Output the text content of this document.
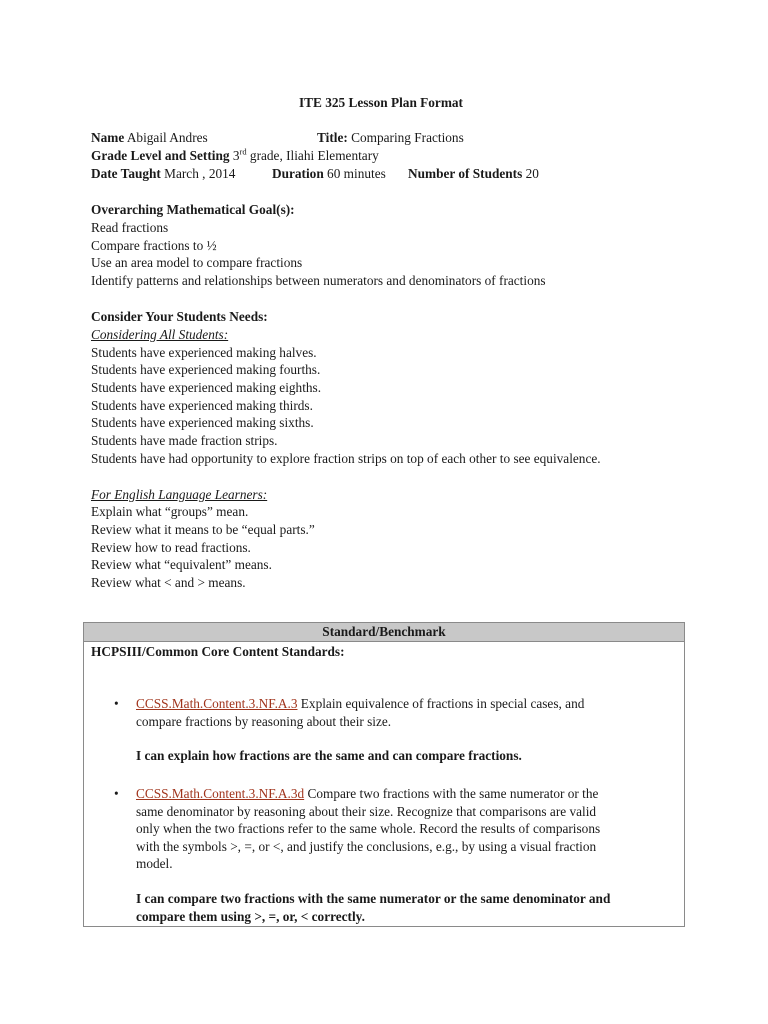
ITE 325 Lesson Plan Format
Name Abigail Andres	Title: Comparing Fractions
Grade Level and Setting 3rd grade, Iliahi Elementary
Date Taught March , 2014	Duration 60 minutes Number of Students 20
Overarching Mathematical Goal(s):
Read fractions
Compare fractions to ½
Use an area model to compare fractions
Identify patterns and relationships between numerators and denominators of fractions
Consider Your Students Needs:
Considering All Students:
Students have experienced making halves.
Students have experienced making fourths.
Students have experienced making eighths.
Students have experienced making thirds.
Students have experienced making sixths.
Students have made fraction strips.
Students have had opportunity to explore fraction strips on top of each other to see equivalence.
For English Language Learners:
Explain what “groups” mean.
Review what it means to be “equal parts.”
Review how to read fractions.
Review what “equivalent” means.
Review what < and > means.
Standard/Benchmark
HCPSIII/Common Core Content Standards:
• CCSS.Math.Content.3.NF.A.3 Explain equivalence of fractions in special cases, and
compare fractions by reasoning about their size.
I can explain how fractions are the same and can compare fractions.
• CCSS.Math.Content.3.NF.A.3d Compare two fractions with the same numerator or the
same denominator by reasoning about their size. Recognize that comparisons are valid
only when the two fractions refer to the same whole. Record the results of comparisons
with the symbols >, =, or <, and justify the conclusions, e.g., by using a visual fraction
model.
I can compare two fractions with the same numerator or the same denominator and
compare them using >, =, or, < correctly.
